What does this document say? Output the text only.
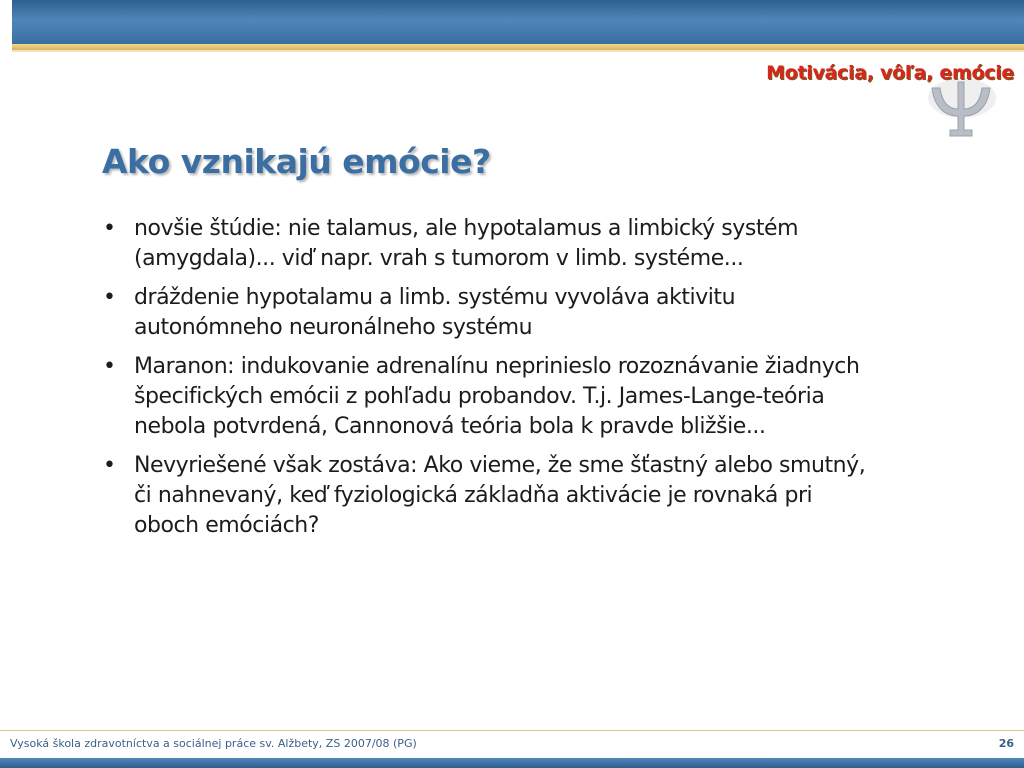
Motivácia, vôľa, emócie
Ako vznikajú emócie?
• novšie štúdie: nie talamus, ale hypotalamus a limbický systém (amygdala)... viď napr. vrah s tumorom v limb. systéme...
• dráždenie hypotalamu a limb. systému vyvoláva aktivitu autonómneho neuronálneho systému
• Maranon: indukovanie adrenalínu nepriniesl​o rozoznávanie žiadnych špecifických emócii z pohľadu probandov. T.j. James-Lange-teória nebola potvrdená, Cannonová teória bola k pravde bližšie...
• Nevyriešené však zostáva: Ako vieme, že sme šťastný alebo smutný, či nahnevaný, keď fyziologická základňa aktivácie je rovnaká pri oboch emóciách?
Vysoká škola zdravotníctva a sociálnej práce sv. Alžbety, ZS 2007/08 (PG)	26
